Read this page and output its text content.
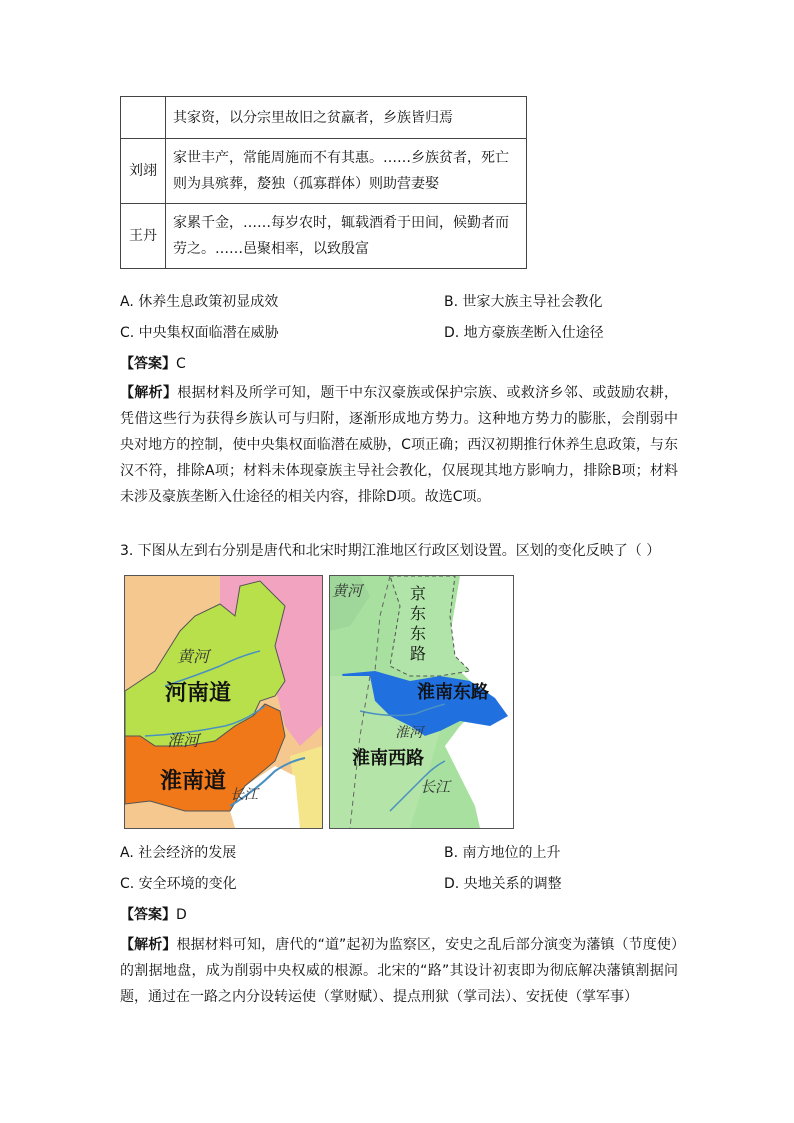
	其家资，以分宗里故旧之贫羸者，乡族皆归焉
刘翊	家世丰产，常能周施而不有其惠。……乡族贫者，死亡则为具殡葬，嫠独（孤寡群体）则助营妻娶
王丹	家累千金，……每岁农时，辄载酒肴于田间，候勤者而劳之。……邑聚相率，以致殷富
A. 休养生息政策初显成效	B. 世家大族主导社会教化
C. 中央集权面临潜在威胁	D. 地方豪族垄断入仕途径
【答案】C
【解析】根据材料及所学可知，题干中东汉豪族或保护宗族、或救济乡邻、或鼓励农耕，凭借这些行为获得乡族认可与归附，逐渐形成地方势力。这种地方势力的膨胀，会削弱中央对地方的控制，使中央集权面临潜在威胁，C项正确；西汉初期推行休养生息政策，与东汉不符，排除A项；材料未体现豪族主导社会教化，仅展现其地方影响力，排除B项；材料未涉及豪族垄断入仕途径的相关内容，排除D项。故选C项。
3. 下图从左到右分别是唐代和北宋时期江淮地区行政区划设置。区划的变化反映了（ ）
黄河
河南道
淮河
淮南道
长江
黄河	京东东路
淮南东路
淮河
淮南西路
长江
A. 社会经济的发展	B. 南方地位的上升
C. 安全环境的变化	D. 央地关系的调整
【答案】D
【解析】根据材料可知，唐代的“道”起初为监察区，安史之乱后部分演变为藩镇（节度使）的割据地盘，成为削弱中央权威的根源。北宋的“路”其设计初衷即为彻底解决藩镇割据问题，通过在一路之内分设转运使（掌财赋）、提点刑狱（掌司法）、安抚使（掌军事）
